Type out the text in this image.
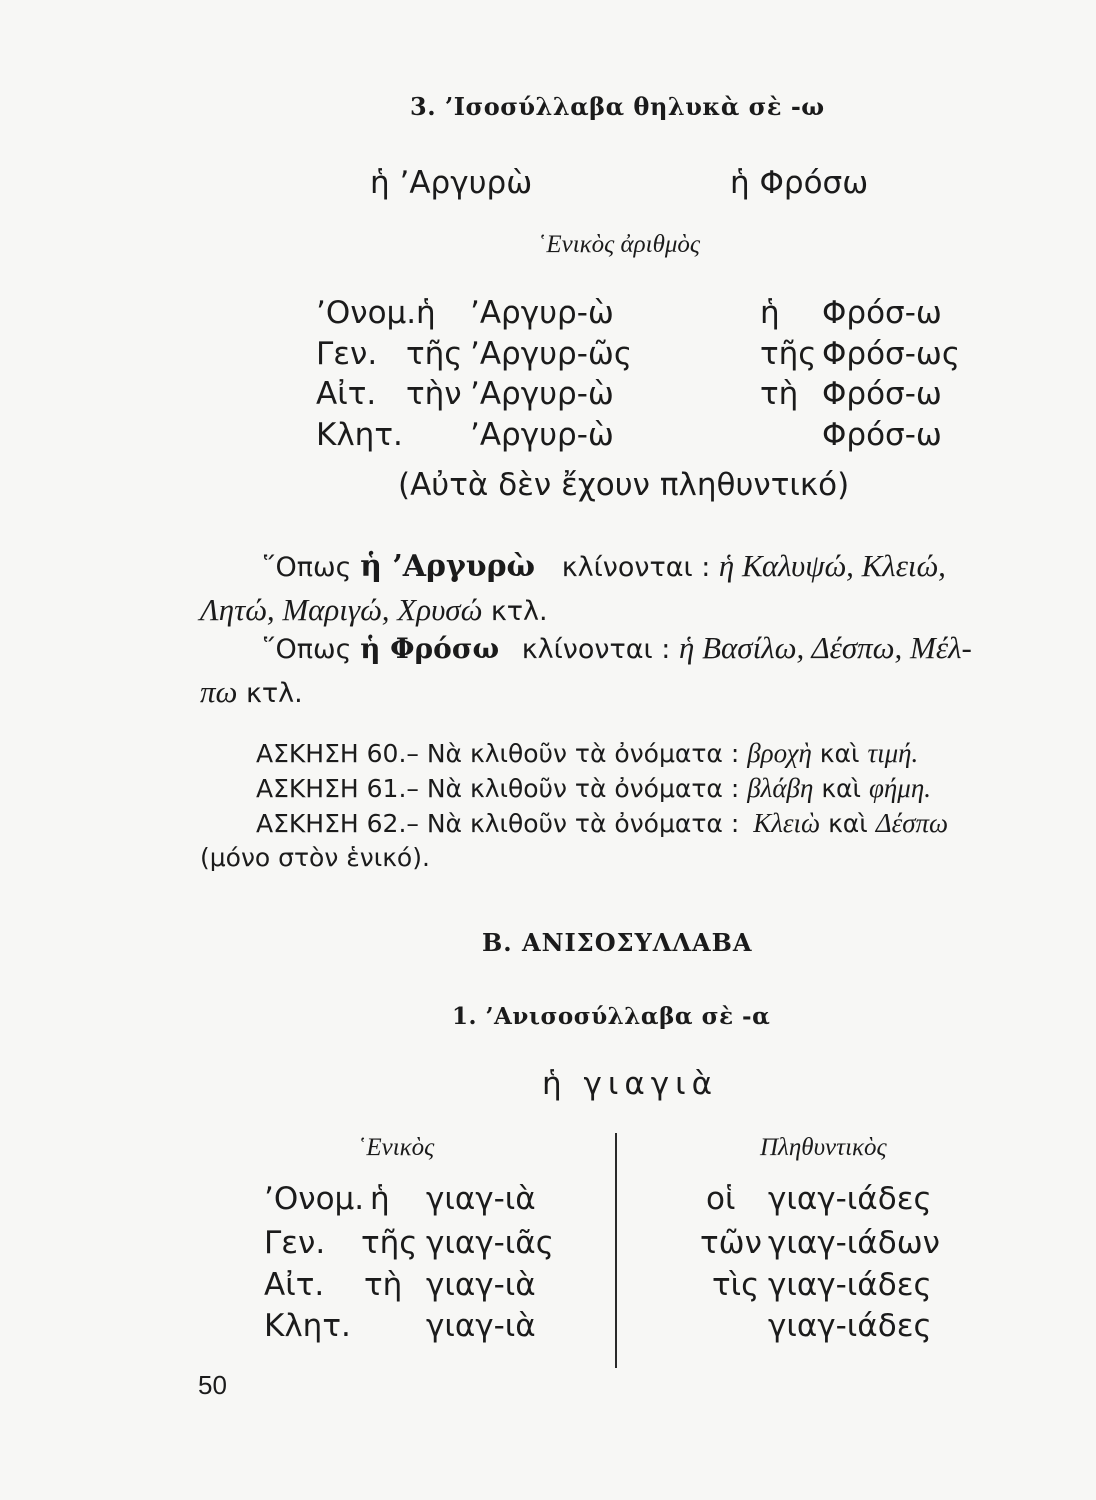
3. ’Ισοσύλλαβα θηλυκὰ σὲ -ω
ἡ ’Αργυρὼ	ἡ Φρόσω
῾Ενικὸς ἀριθμὸς
’Ονομ. ἡ ’Αργυρ-ὼ	ἡ Φρόσ-ω
Γεν. τῆς ’Αργυρ-ῶς	τῆς Φρόσ-ως
Αἰτ. τὴν ’Αργυρ-ὼ	τὴ Φρόσ-ω
Κλητ. ’Αργυρ-ὼ	Φρόσ-ω
(Αὐτὰ δὲν ἔχουν πληθυντικό)
῞Οπως ἡ ’Αργυρὼ κλίνονται : ἡ Καλυψώ, Κλειώ,
Λητώ, Μαριγώ, Χρυσώ κτλ.
῞Οπως ἡ Φρόσω κλίνονται : ἡ Βασίλω, Δέσπω, Μέλ-
πω κτλ.
ΑΣΚΗΣΗ 60.– Νὰ κλιθοῦν τὰ ὀνόματα : βροχὴ καὶ τιμή.
ΑΣΚΗΣΗ 61.– Νὰ κλιθοῦν τὰ ὀνόματα : βλάβη καὶ φήμη.
ΑΣΚΗΣΗ 62.– Νὰ κλιθοῦν τὰ ὀνόματα : Κλειὼ καὶ Δέσπω
(μόνο στὸν ἑνικό).
Β. ΑΝΙΣΟΣΥΛΛΑΒΑ
1. ’Ανισοσύλλαβα σὲ -α
ἡ γιαγιὰ
῾Ενικὸς	Πληθυντικὸς
’Ονομ. ἡ γιαγ-ιὰ	οἱ γιαγ-ιάδες
Γεν. τῆς γιαγ-ιᾶς	τῶν γιαγ-ιάδων
Αἰτ. τὴ γιαγ-ιὰ	τὶς γιαγ-ιάδες
Κλητ. γιαγ-ιὰ	γιαγ-ιάδες
50
